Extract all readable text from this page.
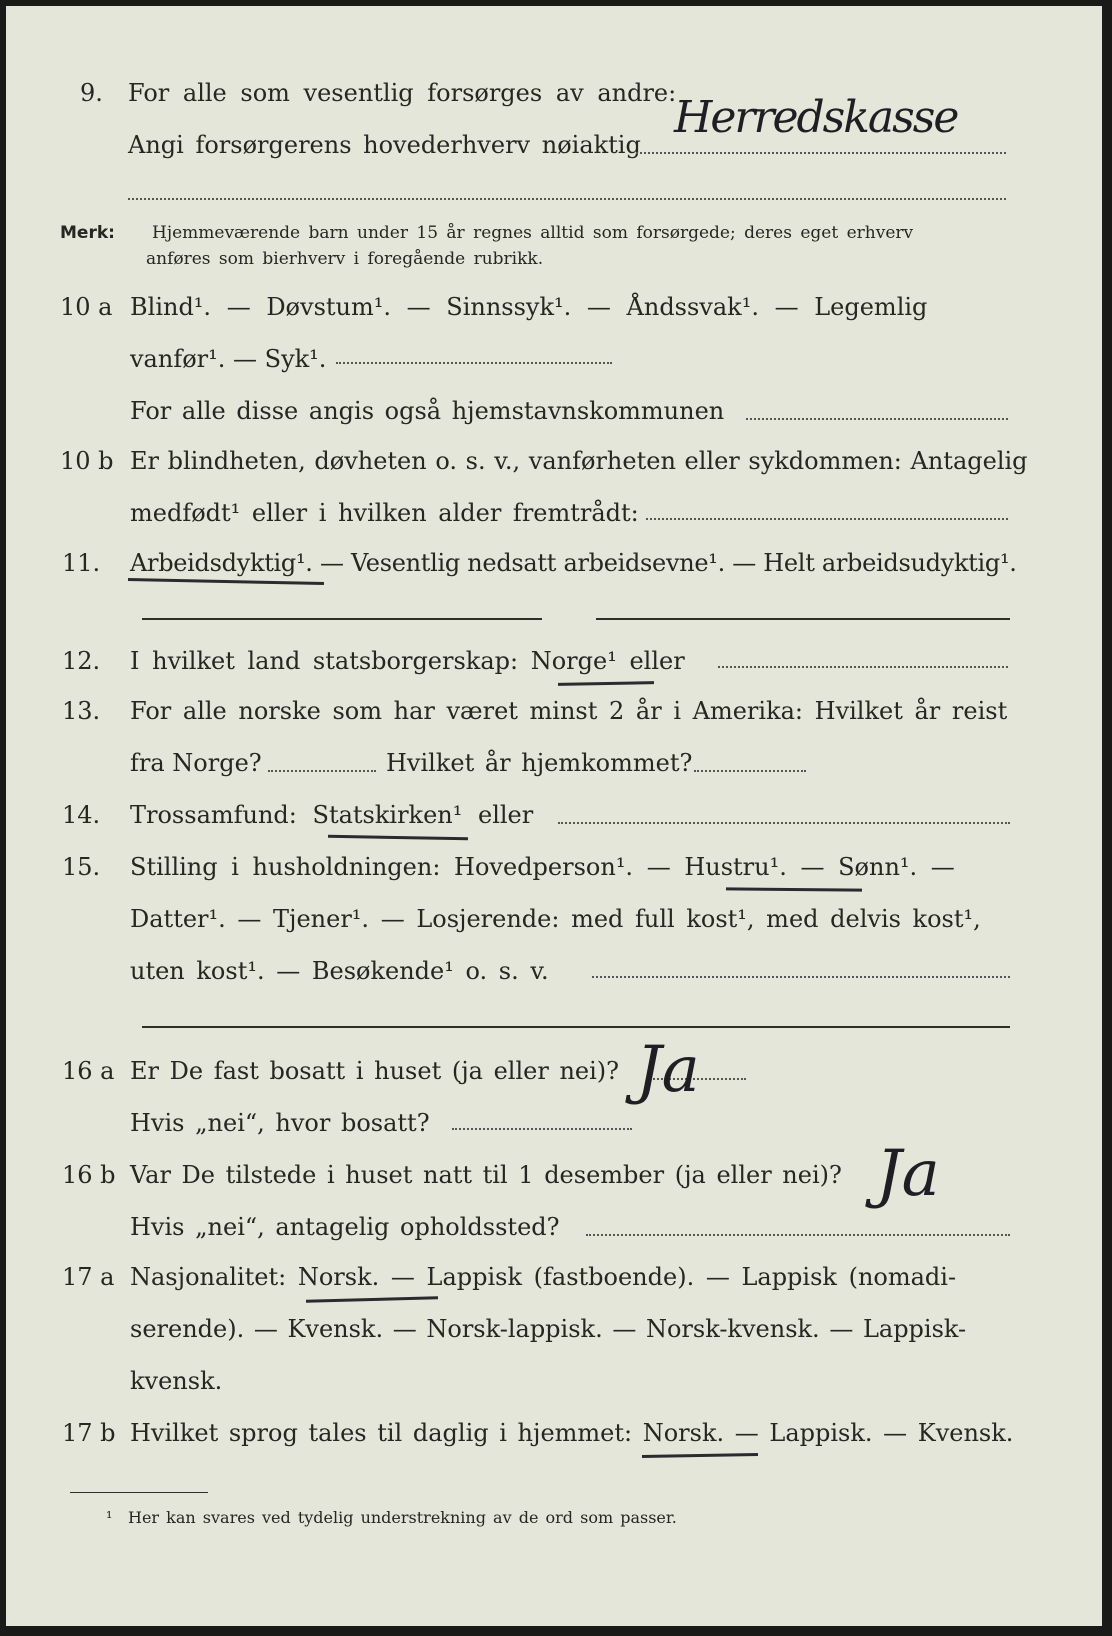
9. For alle som vesentlig forsørges av andre:
Angi forsørgerens hovederhverv nøiaktig
Herredskasse
Merk: Hjemmeværende barn under 15 år regnes alltid som forsørgede; deres eget erhverv
anføres som bierhverv i foregående rubrikk.
10 a Blind¹. — Døvstum¹. — Sinnssyk¹. — Åndssvak¹. — Legemlig
vanfør¹. — Syk¹.
For alle disse angis også hjemstavnskommunen
10 b Er blindheten, døvheten o. s. v., vanførheten eller sykdommen: Antagelig
medfødt¹ eller i hvilken alder fremtrådt:
11. Arbeidsdyktig¹. — Vesentlig nedsatt arbeidsevne¹. — Helt arbeidsudyktig¹.
12. I hvilket land statsborgerskap: Norge¹ eller
13. For alle norske som har været minst 2 år i Amerika: Hvilket år reist
fra Norge?	Hvilket år hjemkommet?
14. Trossamfund: Statskirken¹ eller
15. Stilling i husholdningen: Hovedperson¹. — Hustru¹. — Sønn¹. —
Datter¹. — Tjener¹. — Losjerende: med full kost¹, med delvis kost¹,
uten kost¹. — Besøkende¹ o. s. v.
16 a Er De fast bosatt i huset (ja eller nei)? Ja
Hvis „nei“, hvor bosatt?
16 b Var De tilstede i huset natt til 1 desember (ja eller nei)? Ja
Hvis „nei“, antagelig opholdssted?
17 a Nasjonalitet: Norsk. — Lappisk (fastboende). — Lappisk (nomadi-
serende). — Kvensk. — Norsk-lappisk. — Norsk-kvensk. — Lappisk-
kvensk.
17 b Hvilket sprog tales til daglig i hjemmet: Norsk. — Lappisk. — Kvensk.
¹ Her kan svares ved tydelig understrekning av de ord som passer.
